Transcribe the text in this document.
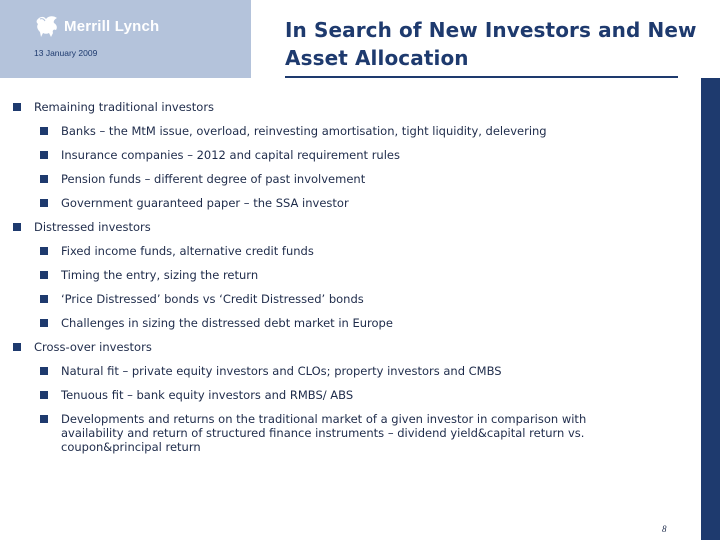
Merrill Lynch
13 January 2009
In Search of New Investors and New Asset Allocation
Remaining traditional investors
Banks – the MtM issue, overload, reinvesting amortisation, tight liquidity, delevering
Insurance companies – 2012 and capital requirement rules
Pension funds – different degree of past involvement
Government guaranteed paper – the SSA investor
Distressed investors
Fixed income funds, alternative credit funds
Timing the entry, sizing the return
‘Price Distressed’ bonds vs ‘Credit Distressed’ bonds
Challenges in sizing the distressed debt market in Europe
Cross-over investors
Natural fit – private equity investors and CLOs; property investors and CMBS
Tenuous fit – bank equity investors and RMBS/ ABS
Developments and returns on the traditional market of a given investor in comparison with availability and return of structured finance instruments – dividend yield&capital return vs. coupon&principal return
8
